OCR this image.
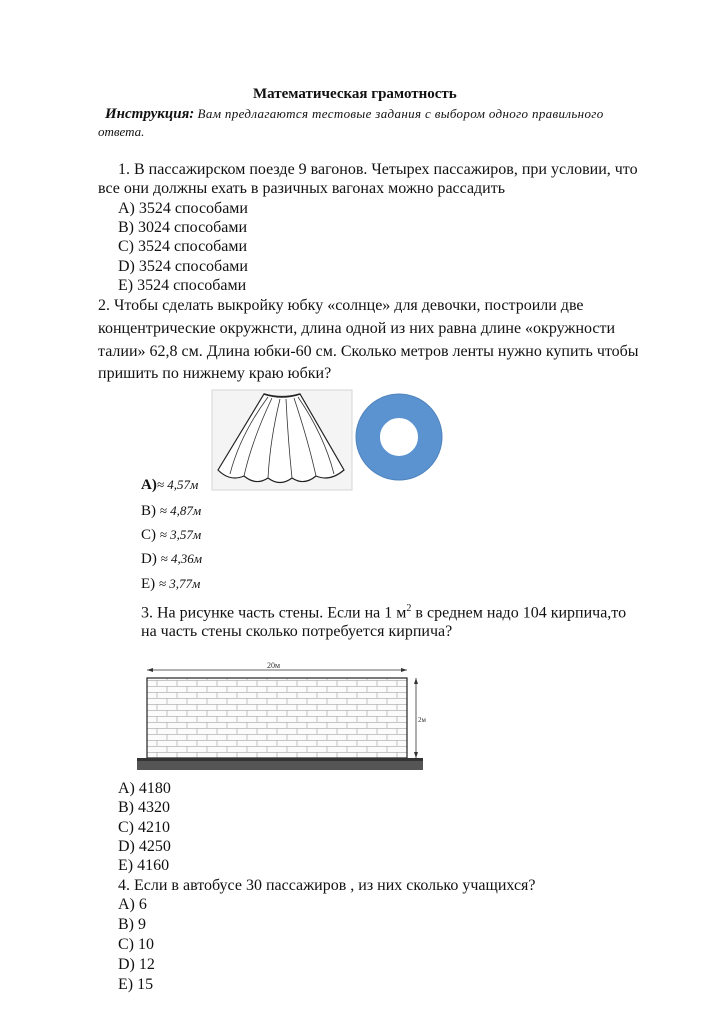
Математическая грамотность
Инструкция: Вам предлагаются тестовые задания с выбором одного правильного
ответа.
1. В пассажирском поезде 9 вагонов. Четырех пассажиров, при условии, что
все они должны ехать в разичных вагонах можно рассадить
A) 3524 способами
B) 3024 способами
C) 3524 способами
D) 3524 способами
E) 3524 способами
2. Чтобы сделать выкройку юбку «солнце» для девочки, построили две
концентрические окружнсти, длина одной из них равна длине «окружности
талии» 62,8 см. Длина юбки-60 см. Сколько метров ленты нужно купить чтобы
пришить по нижнему краю юбки?
A)≈ 4,57м
B) ≈ 4,87м
C) ≈ 3,57м
D) ≈ 4,36м
E) ≈ 3,77м
3. На рисунке часть стены. Если на 1 $м^2$ в среднем надо 104 кирпича,то
на часть стены сколько потребуется кирпича?
20м
2м
A) 4180
B) 4320
C) 4210
D) 4250
E) 4160
4. Если в автобусе 30 пассажиров , из них сколько учащихся?
A) 6
B) 9
C) 10
D) 12
E) 15
